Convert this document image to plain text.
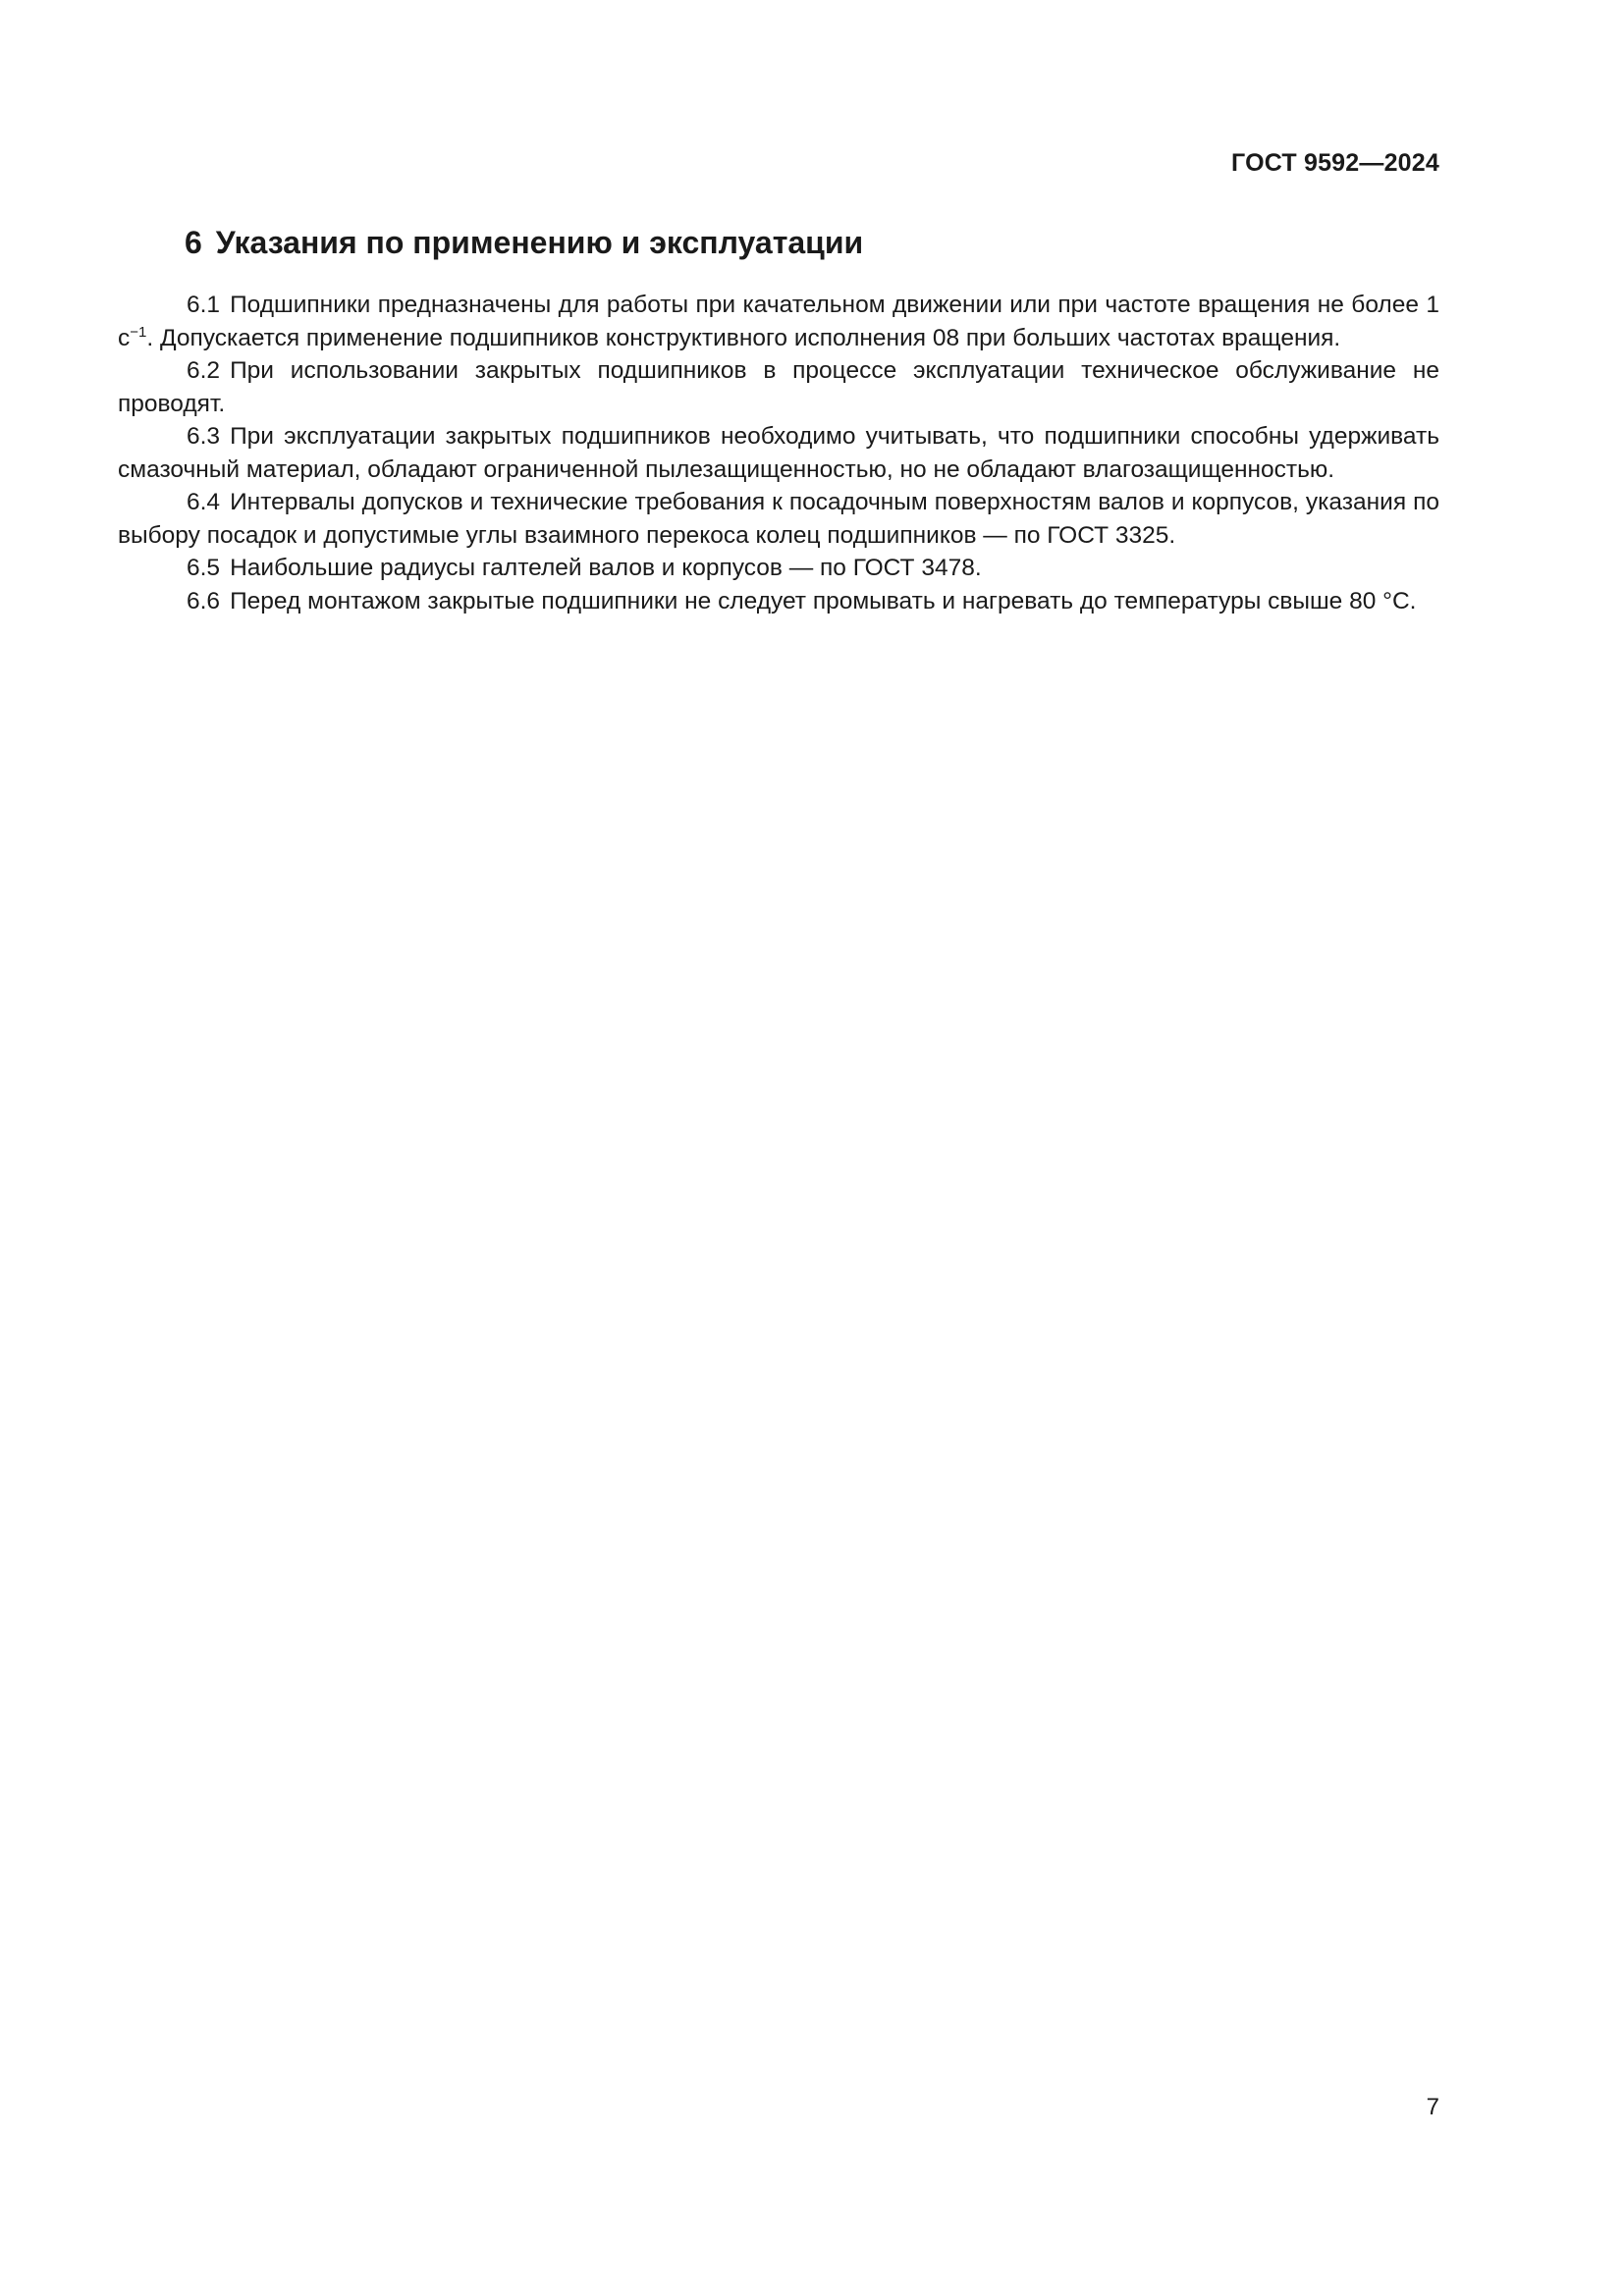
ГОСТ 9592—2024
6 Указания по применению и эксплуатации

6.1 Подшипники предназначены для работы при качательном движении или при частоте вращения не более 1 $с^{-1}$. Допускается применение подшипников конструктивного исполнения 08 при больших частотах вращения.

6.2 При использовании закрытых подшипников в процессе эксплуатации техническое обслуживание не проводят.

6.3 При эксплуатации закрытых подшипников необходимо учитывать, что подшипники способны удерживать смазочный материал, обладают ограниченной пылезащищенностью, но не обладают влагозащищенностью.

6.4 Интервалы допусков и технические требования к посадочным поверхностям валов и корпусов, указания по выбору посадок и допустимые углы взаимного перекоса колец подшипников — по ГОСТ 3325.

6.5 Наибольшие радиусы галтелей валов и корпусов — по ГОСТ 3478.

6.6 Перед монтажом закрытые подшипники не следует промывать и нагревать до температуры свыше 80 °С.

7
